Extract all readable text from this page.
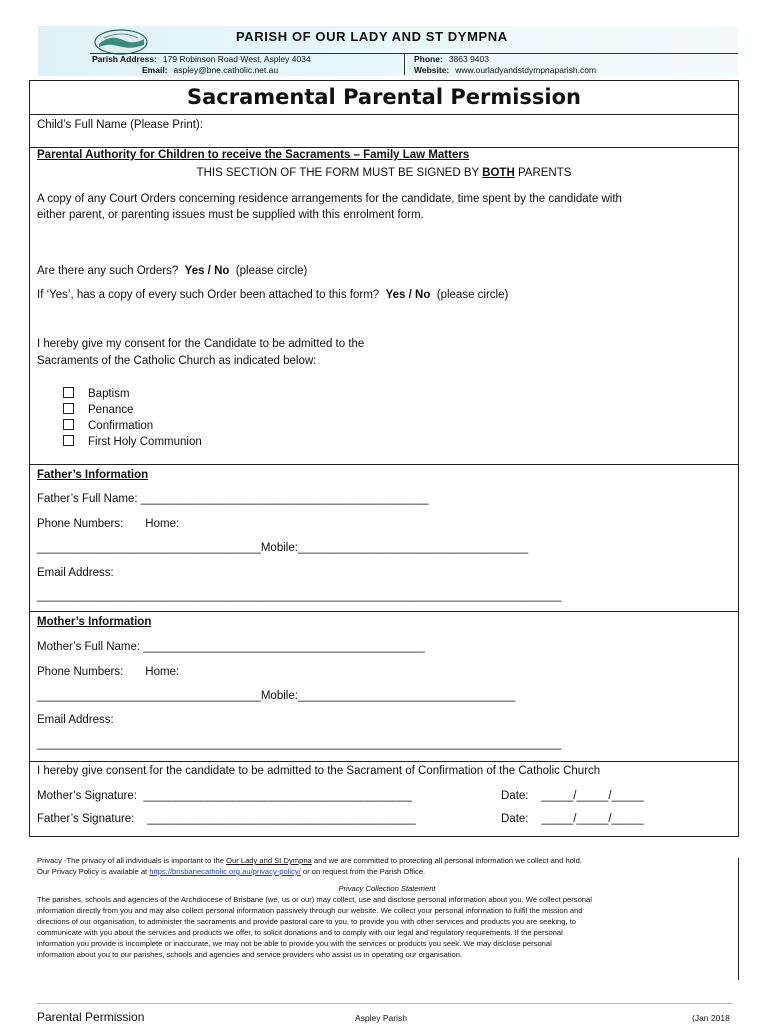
PARISH OF OUR LADY AND ST DYMPNA
Parish Address: 179 Robinson Road West, Aspley 4034
Email: aspley@bne.catholic.net.au
Phone: 3863 9403
Website: www.ourladyandstdympnaparish.com
Sacramental Parental Permission
Child’s Full Name (Please Print):
Parental Authority for Children to receive the Sacraments – Family Law Matters
THIS SECTION OF THE FORM MUST BE SIGNED BY BOTH PARENTS
A copy of any Court Orders concerning residence arrangements for the candidate, time spent by the candidate with
either parent, or parenting issues must be supplied with this enrolment form.
Are there any such Orders? Yes / No (please circle)
If ‘Yes’, has a copy of every such Order been attached to this form? Yes / No (please circle)
I hereby give my consent for the Candidate to be admitted to the
Sacraments of the Catholic Church as indicated below:
Baptism
Penance
Confirmation
First Holy Communion
Father’s Information
Father’s Full Name: _____________________________________________
Phone Numbers: Home:
___________________________________Mobile:____________________________________
Email Address:
__________________________________________________________________________________
Mother’s Information
Mother’s Full Name: ____________________________________________
Phone Numbers: Home:
___________________________________Mobile:__________________________________
Email Address:
__________________________________________________________________________________
I hereby give consent for the candidate to be admitted to the Sacrament of Confirmation of the Catholic Church
Mother’s Signature: __________________________________________	Date: _____/_____/_____
Father’s Signature: __________________________________________	Date: _____/_____/_____
Privacy -The privacy of all individuals is important to the Our Lady and St Dympna and we are committed to protecting all personal information we collect and hold.
Our Privacy Policy is available at https://brisbanecatholic.org.au/privacy-policy/ or on request from the Parish Office.
Privacy Collection Statement
The parishes, schools and agencies of the Archdiocese of Brisbane (we, us or our) may collect, use and disclose personal information about you. We collect personal
information directly from you and may also collect personal information passively through our website. We collect your personal information to fulfil the mission and
directions of our organisation, to administer the sacraments and provide pastoral care to you, to provide you with other services and products you are seeking, to
communicate with you about the services and products we offer, to solicit donations and to comply with our legal and regulatory requirements. If the personal
information you provide is incomplete or inaccurate, we may not be able to provide you with the services or products you seek. We may disclose personal
information about you to our parishes, schools and agencies and service providers who assist us in operating our organisation.
Parental Permission	Aspley Parish	(Jan 2018
